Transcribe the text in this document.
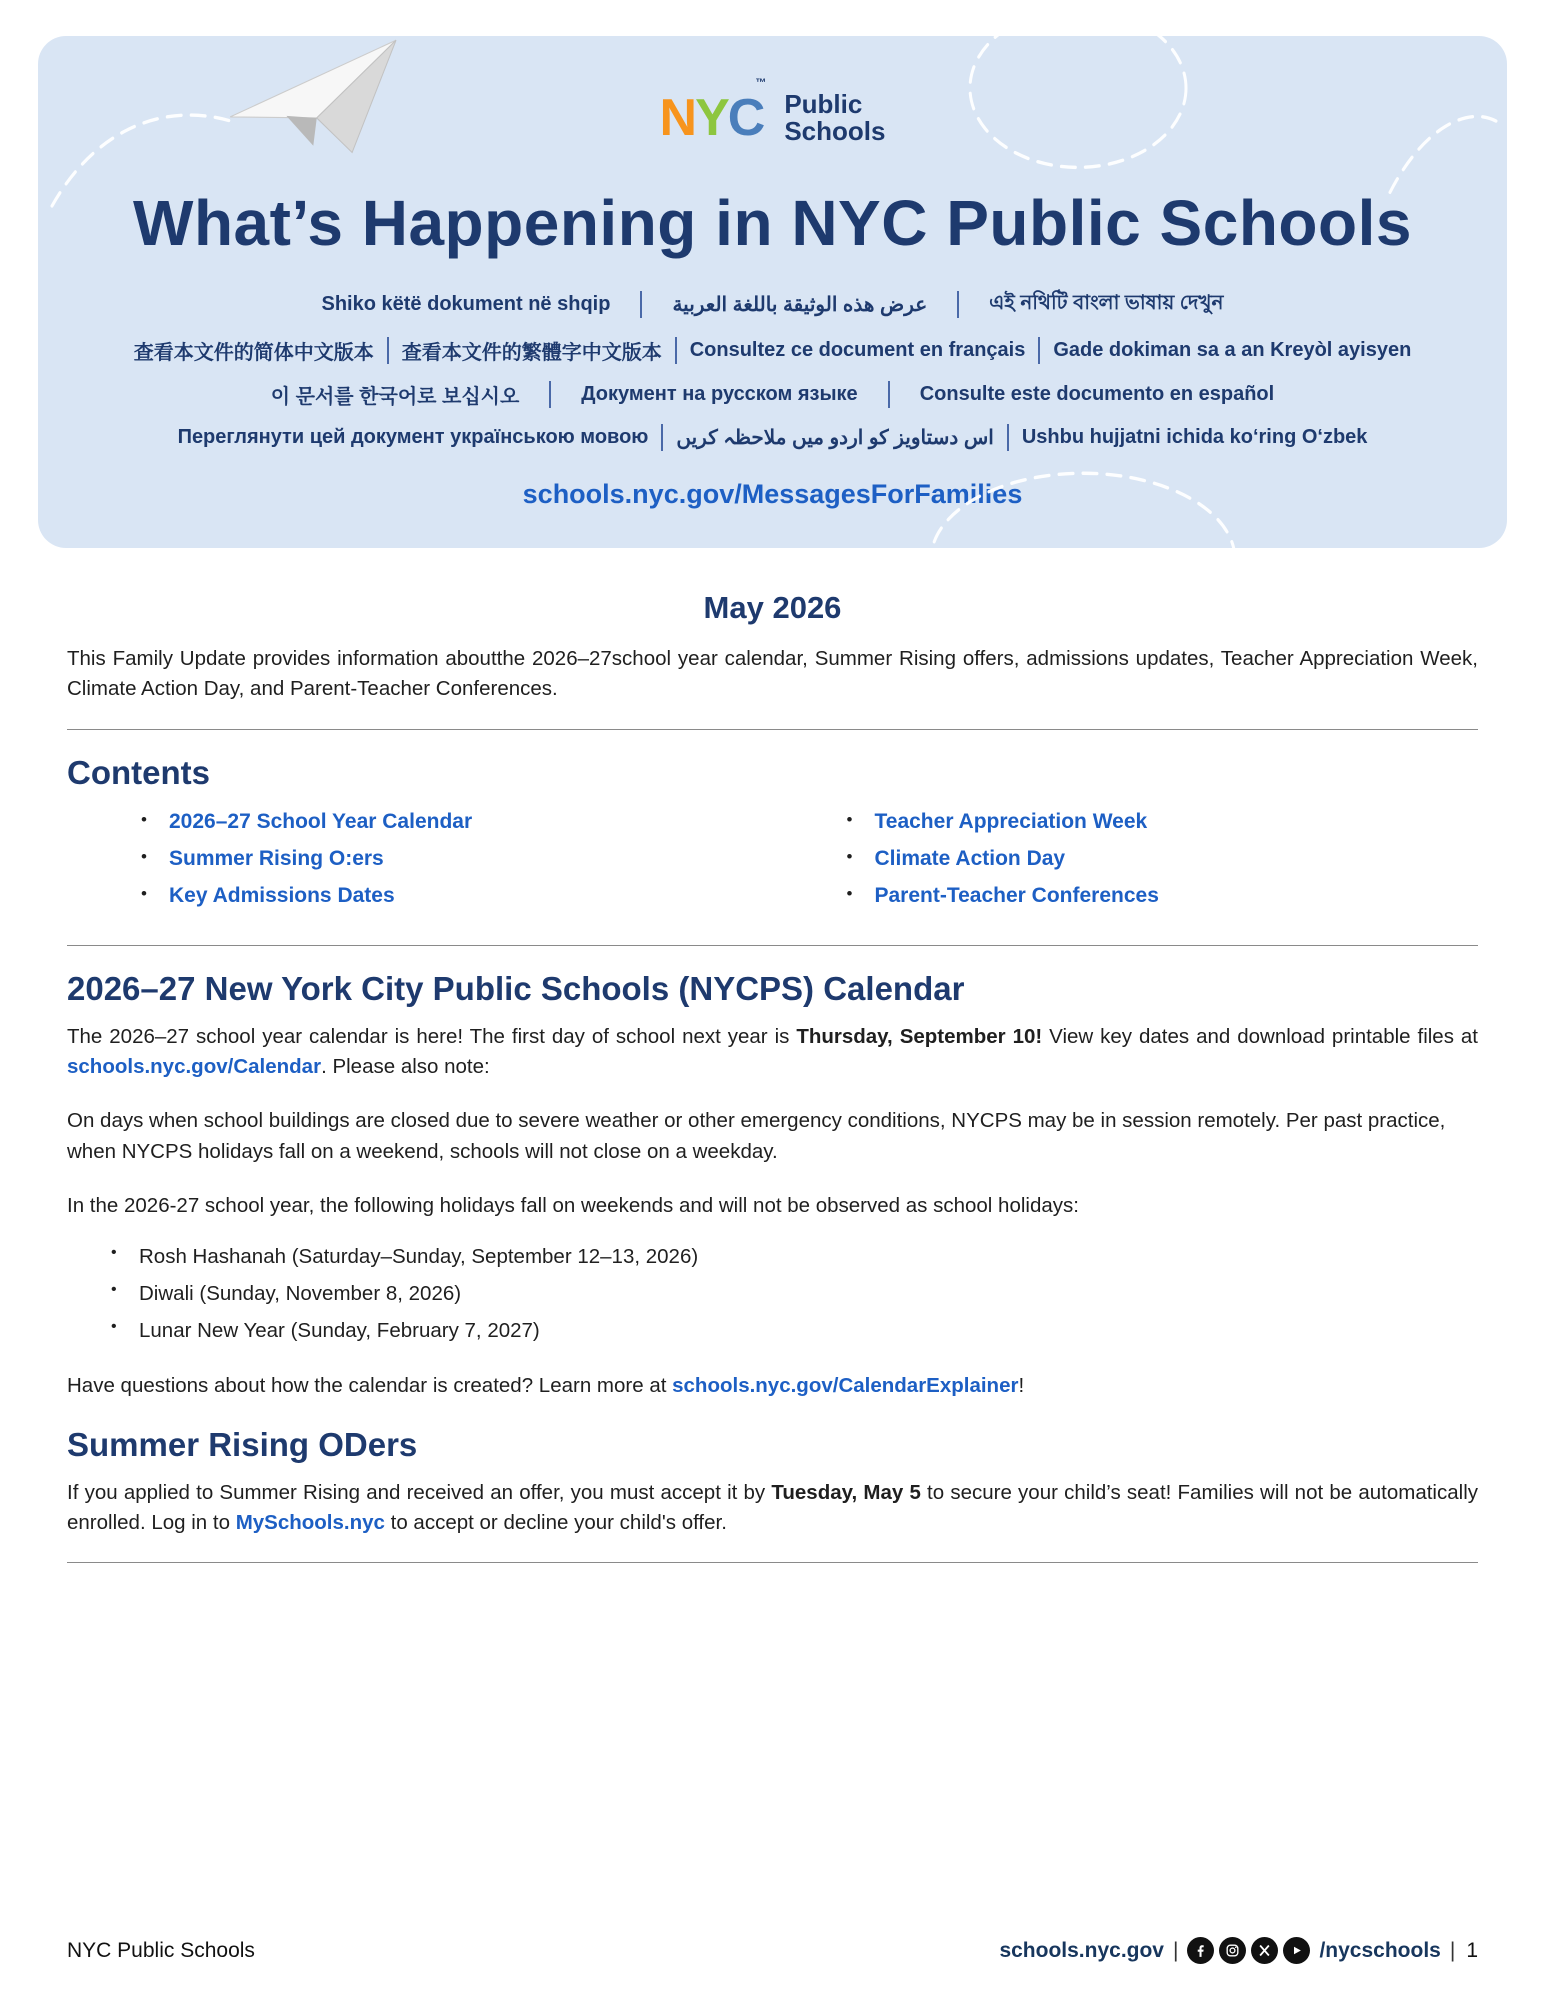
NYC™
Public
Schools
What’s Happening in NYC Public Schools
Shiko këtë dokument në shqip	عرض هذه الوثيقة باللغة العربية	এই নথিটি বাংলা ভাষায় দেখুন
查看本文件的简体中文版本 查看本文件的繁體字中文版本 Consultez ce document en français Gade dokiman sa a an Kreyòl ayisyen
이 문서를 한국어로 보십시오	Документ на русском языке	Consulte este documento en español
Переглянути цей документ українською мовою اس دستاویز کو اردو میں ملاحظہ کریں Ushbu hujjatni ichida ko‘ring O‘zbek
schools.nyc.gov/MessagesForFamilies
May 2026

This Family Update provides information aboutthe 2026–27school year calendar, Summer Rising offers, admissions updates, Teacher Appreciation Week, Climate Action Day, and Parent-Teacher Conferences.

Contents
• 2026–27 School Year Calendar
• Summer Rising O:ers
• Key Admissions Dates
• Teacher Appreciation Week
• Climate Action Day
• Parent-Teacher Conferences
2026–27 New York City Public Schools (NYCPS) Calendar

The 2026–27 school year calendar is here! The first day of school next year is Thursday, September 10! View key dates and download printable files at schools.nyc.gov/Calendar. Please also note:

On days when school buildings are closed due to severe weather or other emergency conditions, NYCPS may be in session remotely. Per past practice, when NYCPS holidays fall on a weekend, schools will not close on a weekday.

In the 2026-27 school year, the following holidays fall on weekends and will not be observed as school holidays:

• Rosh Hashanah (Saturday–Sunday, September 12–13, 2026)
• Diwali (Sunday, November 8, 2026)
• Lunar New Year (Sunday, February 7, 2027)

Have questions about how the calendar is created? Learn more at schools.nyc.gov/CalendarExplainer!

Summer Rising ODers

If you applied to Summer Rising and received an offer, you must accept it by Tuesday, May 5 to secure your child’s seat! Families will not be automatically enrolled. Log in to MySchools.nyc to accept or decline your child's offer.

NYC Public Schools	schools.nyc.gov |	/nycschools | 1
